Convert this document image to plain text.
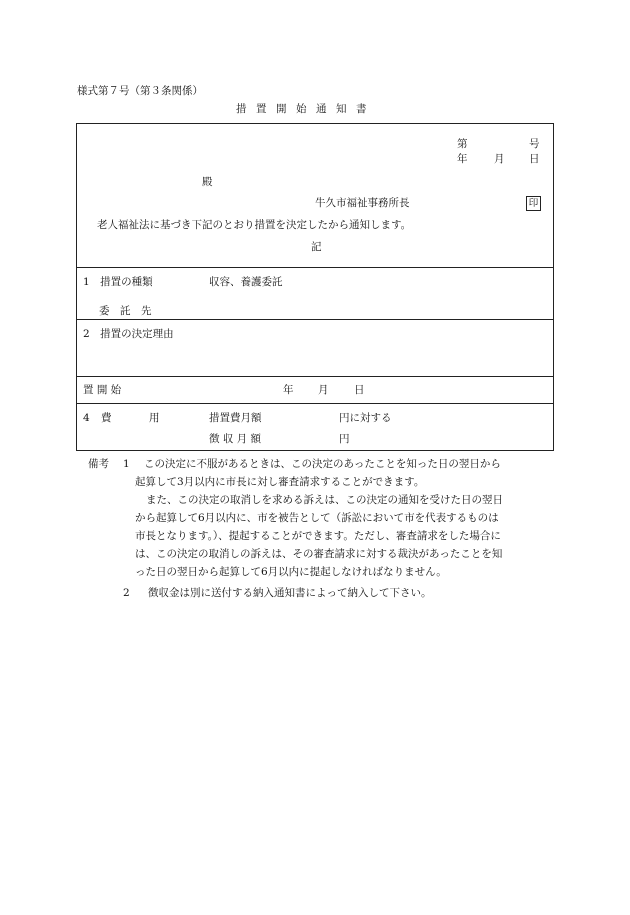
様式第７号（第３条関係）
措置開始通知書
第	号
年	月 日
殿
牛久市福祉事務所長	印
老人福祉法に基づき下記のとおり措置を決定したから通知します。
記
1　措置の種類	収容、養護委託
委　託　先
2　措置の決定理由
置 開 始	年 月 日
4 費	用	措置費月額	円に対する
徴 収 月 額	円
備考 1 この決定に不服があるときは、この決定のあったことを知った日の翌日から
起算して3月以内に市長に対し審査請求することができます。
また、この決定の取消しを求める訴えは、この決定の通知を受けた日の翌日
から起算して6月以内に、市を被告として（訴訟において市を代表するものは
市長となります。）、提起することができます。ただし、審査請求をした場合に
は、この決定の取消しの訴えは、その審査請求に対する裁決があったことを知
った日の翌日から起算して6月以内に提起しなければなりません。
2 徴収金は別に送付する納入通知書によって納入して下さい。
